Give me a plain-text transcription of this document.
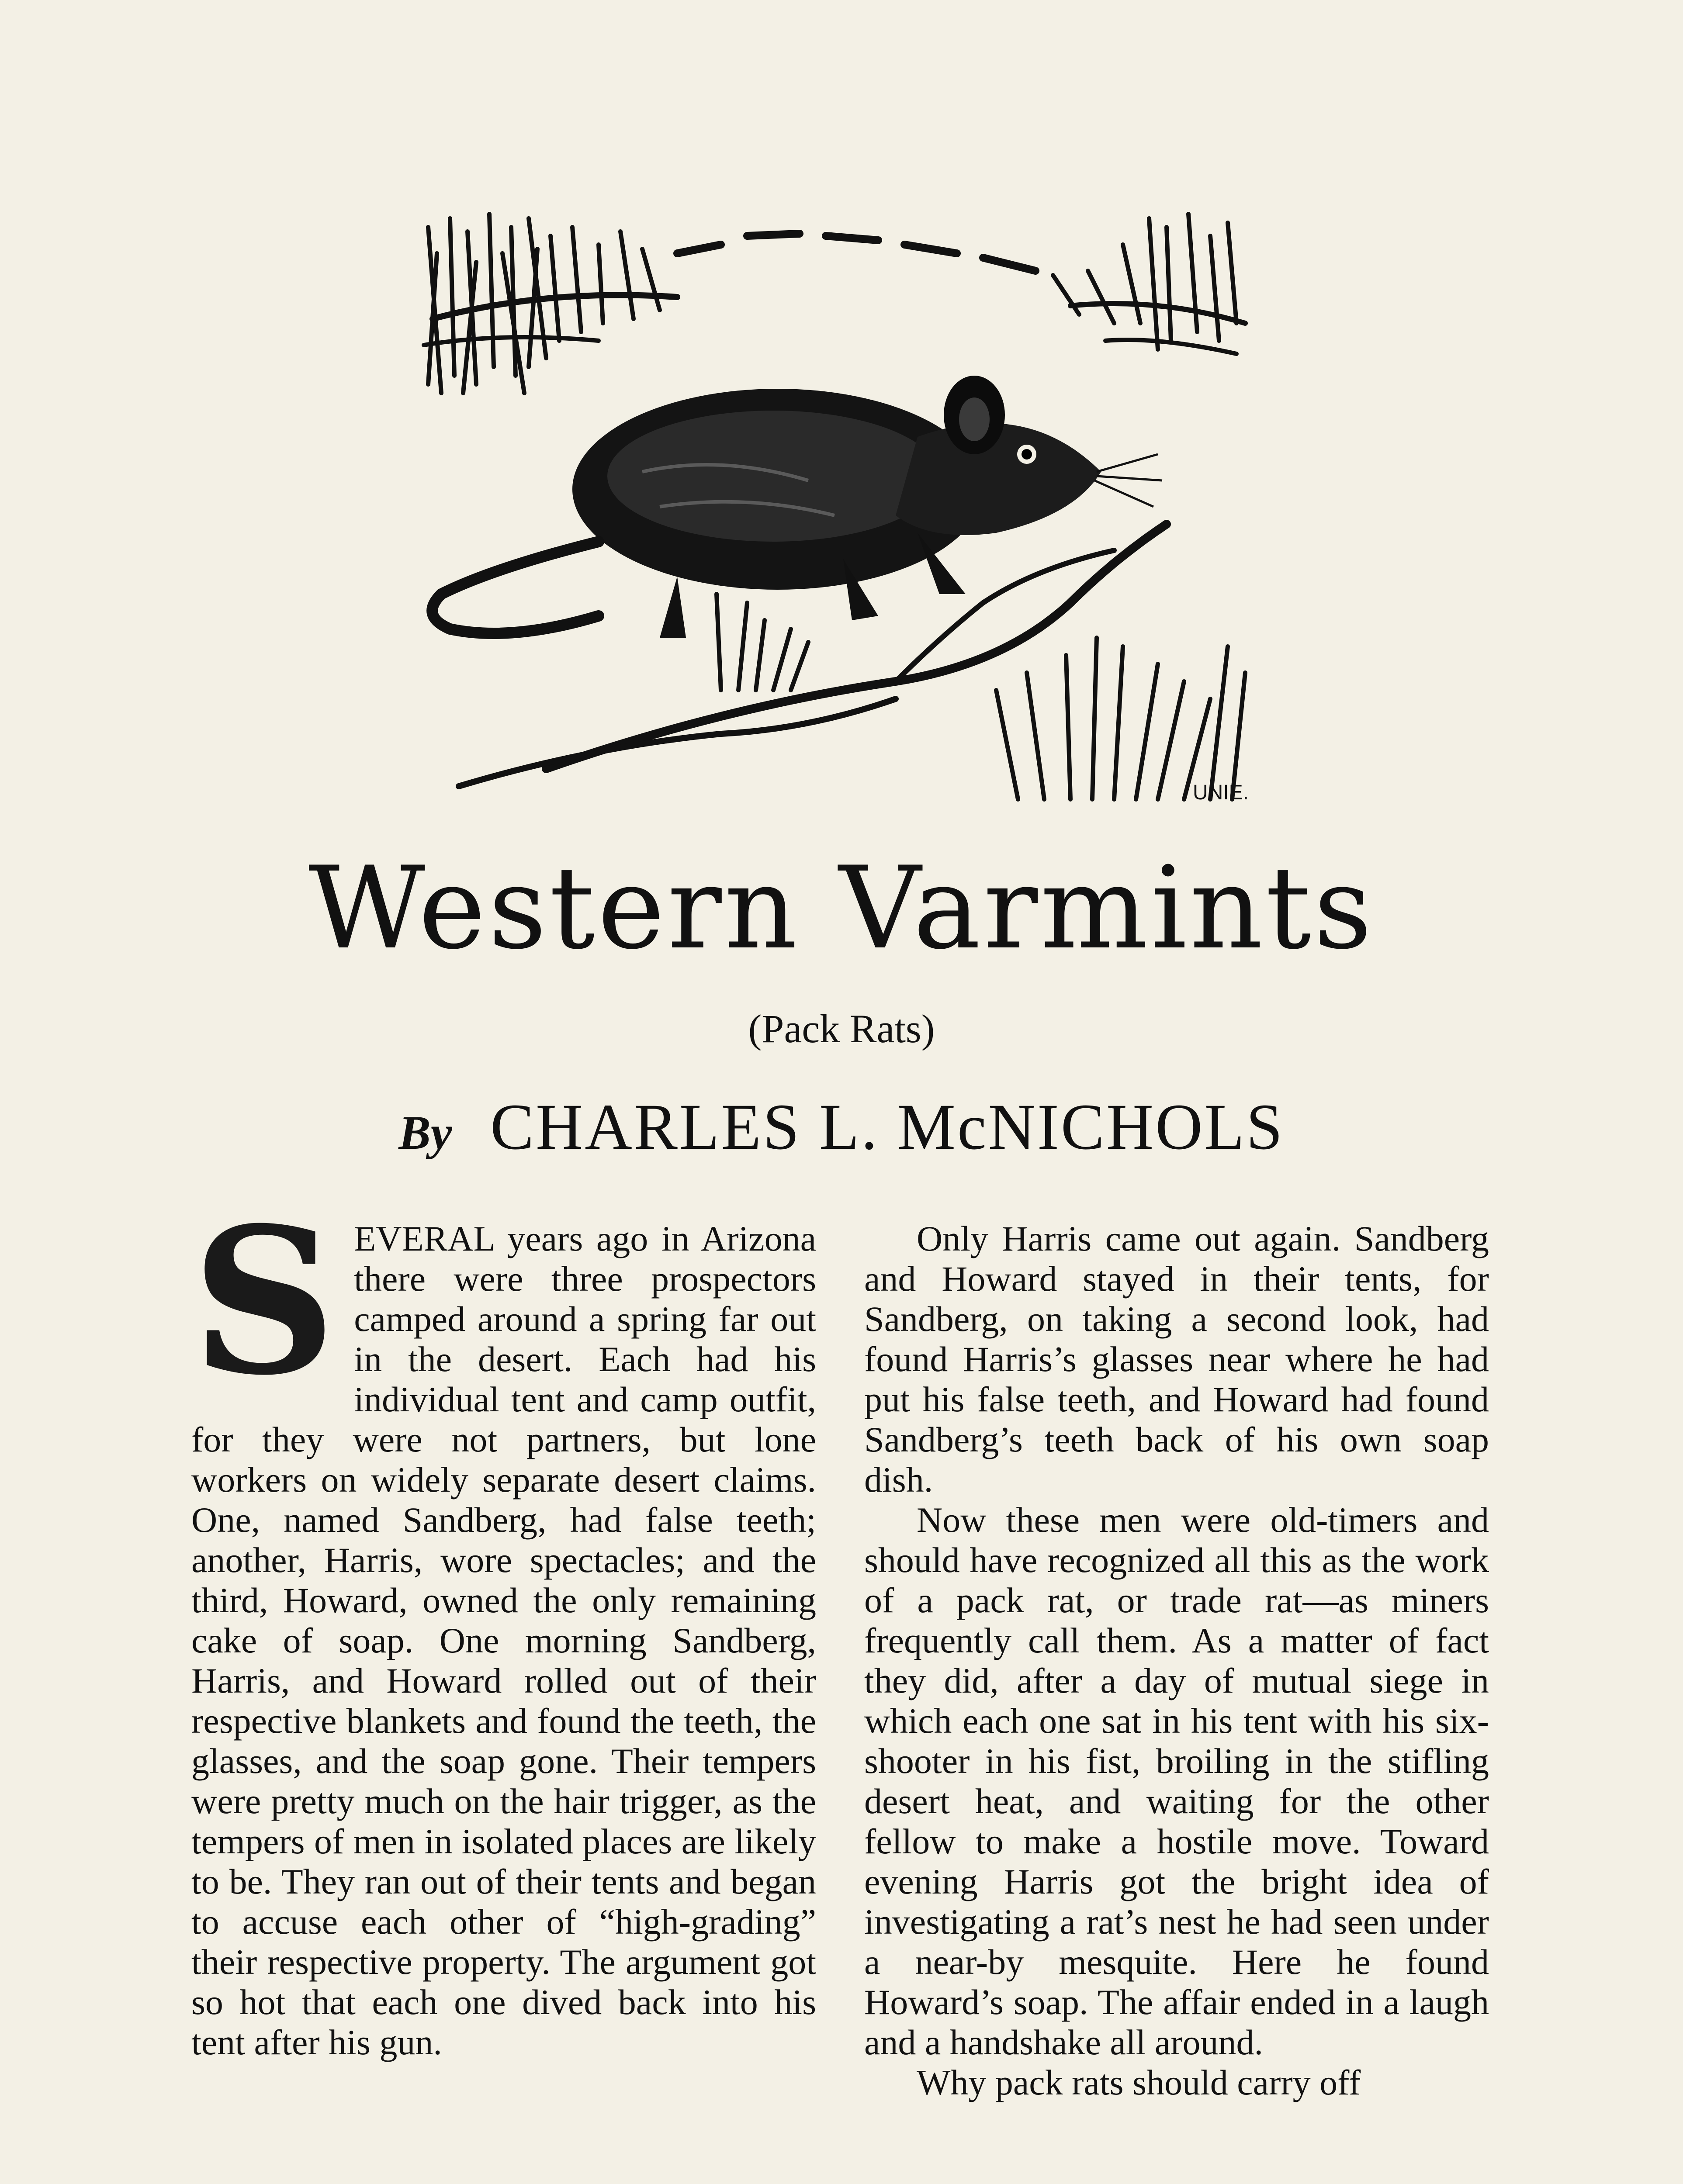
UNIE.
Western Varmints
(Pack Rats)
By CHARLES L. McNICHOLS
S EVERAL years ago in Arizona there were three prospectors camped around a spring far out in the desert. Each had his individual tent and camp outfit, for they were not partners, but lone workers on widely separate desert claims. One, named Sandberg, had false teeth; another, Harris, wore spectacles; and the third, Howard, owned the only remaining cake of soap. One morning Sandberg, Harris, and Howard rolled out of their respective blankets and found the teeth, the glasses, and the soap gone. Their tempers were pretty much on the hair trigger, as the tempers of men in isolated places are likely to be. They ran out of their tents and began to accuse each other of “high-grading” their respective property. The argument got so hot that each one dived back into his tent after his gun.

Only Harris came out again. Sandberg and Howard stayed in their tents, for Sandberg, on taking a second look, had found Harris’s glasses near where he had put his false teeth, and Howard had found Sandberg’s teeth back of his own soap dish.

Now these men were old-timers and should have recognized all this as the work of a pack rat, or trade rat—as miners frequently call them. As a matter of fact they did, after a day of mutual siege in which each one sat in his tent with his six-shooter in his fist, broiling in the stifling desert heat, and waiting for the other fellow to make a hostile move. Toward evening Harris got the bright idea of investigating a rat’s nest he had seen under a near-by mesquite. Here he found Howard’s soap. The affair ended in a laugh and a handshake all around.

Why pack rats should carry off
